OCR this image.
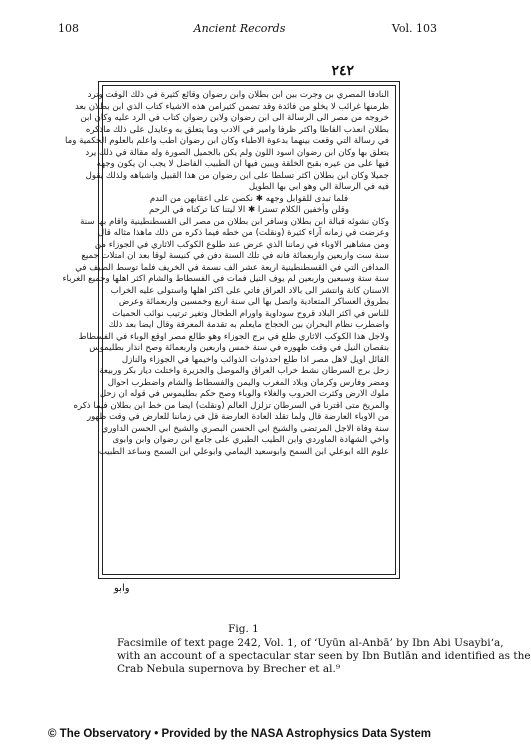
108	Ancient Records	Vol. 103
٢٤٢
النادفا المصري بن وجرت بين ابن بطلان وابن رضوان وقائع كثيرة في ذلك الوقت وترد
ظرمنها غرائب لا يخلو من فائدة وقد تضمن كثيرامن هذه الاشياء كتاب الذي ابن بطلان بعد
خروجه من مصر الى الرسالة الى ابن رضوان ولابن رضوان كتاب في الرد عليه وكان ابن
بطلان انعذب الفاظا واكثر ظرفا وامير في الادب وما يتعلق به وعايدل على ذلك ماذكره
في رسالة التي وقعت بينهما بدعوة الاطباء وكان ابن رضوان اطب واعلم بالعلوم الحكمية وما
يتعلق بها وكان ابن رضوان اسود اللون ولم يكن بالجميل الصورة وله مقالة في ذلك يرد
فيها على من عيره بقبح الخلقة ويبين فيها ان الطبيب الفاضل لا يجب ان يكون وجهه
جميلا وكان ابن بطلان اكثر تسلطا على ابن رضوان من هذا القبيل واشباهه ولذلك يقول
فيه في الرسالة الي وهو ابي بها الطويل
فلما تبدى للقوابل وجهه ✱ نكصن على اعقابهن من الندم
وقلن وأخفين الكلام تسترا ✱ الا ليتنا كنا تركناه في الرحم
وكان نشوئه قبالة ابن بطلان وسافر ابن بطلان من مصر الى القسطنطينية واقام بها سنة
وعرضت في زمانه آراء كثيرة (ونقلت) من خطه فيما ذكره من ذلك ماهذا مثاله قال
ومن مشاهير الاوباء في زماننا الذي عرض عند طلوع الكوكب الاثاري في الجوزاء من
سنة ست واربعين واربعمائة فانه في تلك السنة دفن في كنيسة لوقا بعد ان امتلات جميع
المدافن التي في القسطنطينية اربعة عشر الف نسمة في الخريف فلما توسط الصيف في
سنة ستة وسبعين واربعين لم يوف النيل فمات في الفسطاط والشام اكثر اهلها وجميع الغرباء
الاسنان كانة وانتشر الى بالاد العراق فاتي على اكثر اهلها واستولى عليه الخراب
بطروق العساكر المتعادية واتصل بها الى سنة اربع وخمسين واربعمائة وعرض
للناس في اكثر البلاد قروح سوداوية واورام الطحال وتغير ترتيب نوائب الحميات
واضطرب نظام البحران بين الحجاج مايعلم به تقدمة المعرفة وقال ايضا بعد ذلك
ولاجل هذا الكوكب الاثاري طلع في برج الجوزاء وهو طالع مصر اوقع الوباء في الفسطاط
بنقصان النيل في وقت ظهوره في سنة خمس واربعين واربعمائة وصح انذار بطليموس
القائل اويل لاهل مصر اذا طلع احدذوات الذوائب واخيمها في الجوزاء والنازل
زحل برج السرطان نشط خراب العراق والموصل والجزيرة واختلت ديار بكر وربيعة
ومضر وفارس وكرمان وبلاد المغرب واليمن والفسطاط والشام واضطرب احوال
ملوك الارض وكثرت الحروب والغلاء والوباء وصح حكم بطليموس في قوله ان زحل
والمريخ متى اقترنا في السرطان تزلزل العالم (ونقلت) ايضا من خط ابن بطلان فيما ذكره
من الاوباء العارضة قال ولما تقلد العادة العارضة قل في زماننا للعارض في وقت ظهور
سنة وفاة الاجل المرتضى والشيخ ابي الحسن البصري والشيخ ابي الحسن الداوري
واخي الشهادة الماوردي وابن الطيب الطبري على جامع ابن رضوان وابن وابوى
علوم الله ابوعلي ابن السمح وابوسعيد اليمامي وابوعلي ابن السمح وساعد الطبيب
وابو
Fig. 1
Facsimile of text page 242, Vol. 1, of ‘Uyūn al-Anbā’ by Ibn Abi Usaybi‘a,
with an account of a spectacular star seen by Ibn Butlān and identified as the
Crab Nebula supernova by Brecher et al.⁹
© The Observatory • Provided by the NASA Astrophysics Data System
